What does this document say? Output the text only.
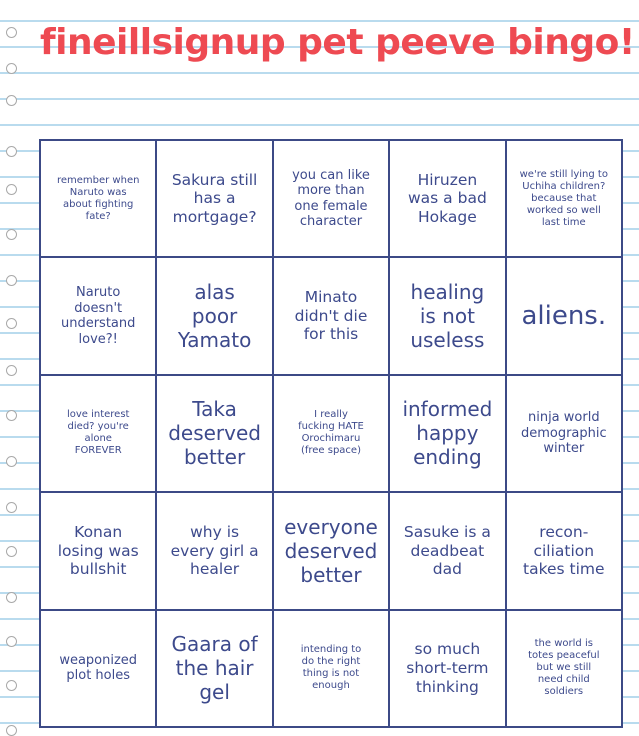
fineillsignup pet peeve bingo!
remember when
Naruto was
about fighting
fate?
Sakura still
has a
mortgage?
you can like
more than
one female
character
Hiruzen
was a bad
Hokage
we're still lying to
Uchiha children?
because that
worked so well
last time
Naruto
doesn't
understand
love?!
alas
poor
Yamato
Minato
didn't die
for this
healing
is not
useless
aliens.
love interest
died? you're
alone
FOREVER
Taka
deserved
better
I really
fucking HATE
Orochimaru
(free space)
informed
happy
ending
ninja world
demographic
winter
Konan
losing was
bullshit
why is
every girl a
healer
everyone
deserved
better
Sasuke is a
deadbeat
dad
recon-
ciliation
takes time
weaponized
plot holes
Gaara of
the hair
gel
intending to
do the right
thing is not
enough
so much
short-term
thinking
the world is
totes peaceful
but we still
need child
soldiers
